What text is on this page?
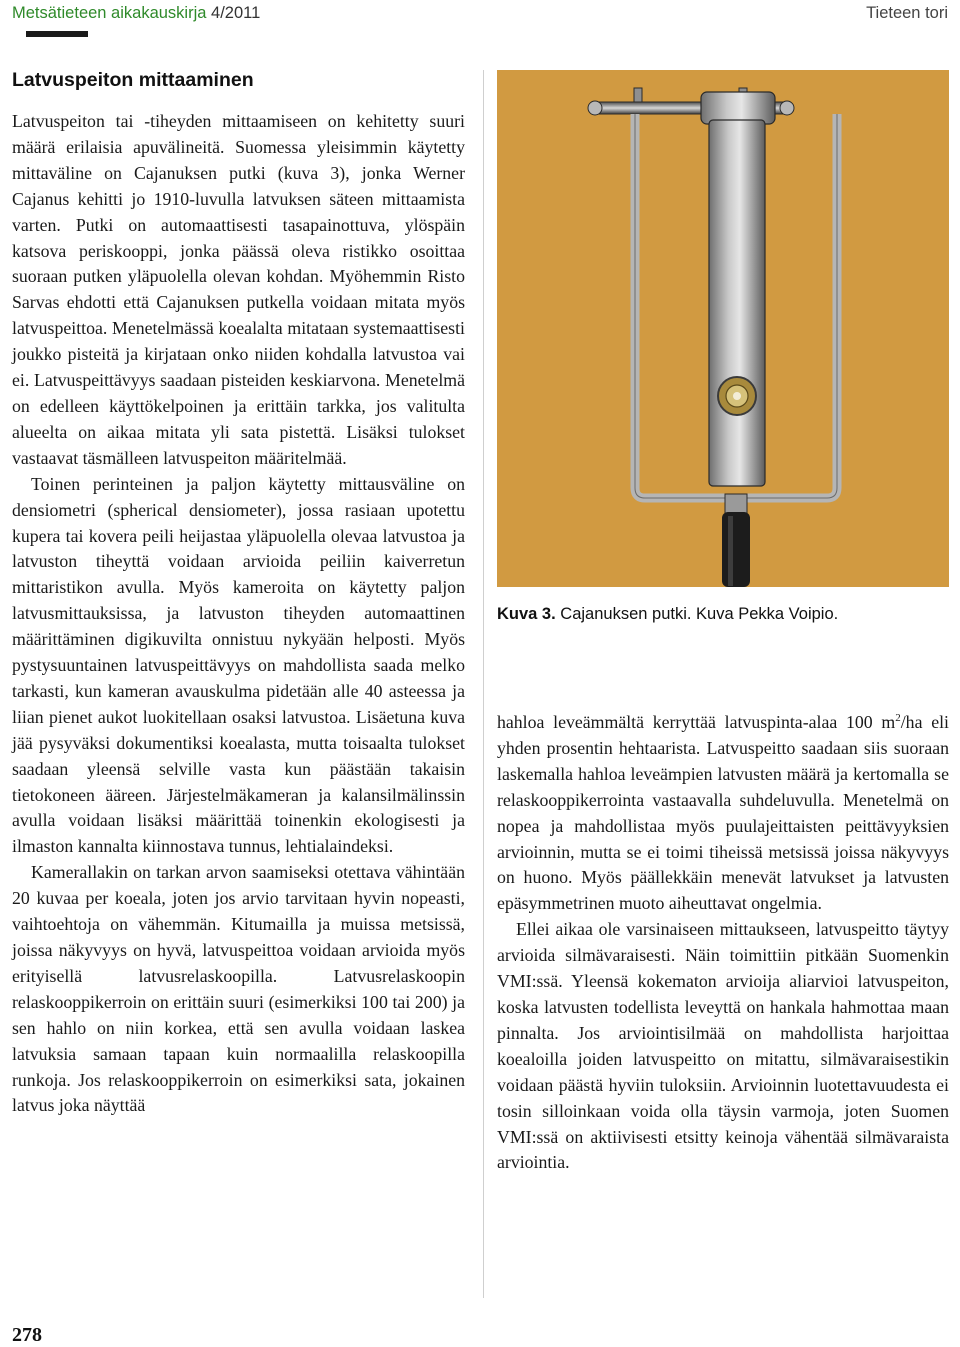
Metsätieteen aikakauskirja 4/2011	Tieteen tori
Latvuspeiton mittaaminen

Latvuspeiton tai -tiheyden mittaamiseen on kehitetty suuri määrä erilaisia apuvälineitä. Suomessa yleisimmin käytetty mittaväline on Cajanuksen putki (kuva 3), jonka Werner Cajanus kehitti jo 1910-luvulla latvuksen säteen mittaamista varten. Putki on automaattisesti tasapainottuva, ylöspäin katsova periskooppi, jonka päässä oleva ristikko osoittaa suoraan putken yläpuolella olevan kohdan. Myöhemmin Risto Sarvas ehdotti että Cajanuksen putkella voidaan mitata myös latvuspeittoa. Menetelmässä koealalta mitataan systemaattisesti joukko pisteitä ja kirjataan onko niiden kohdalla latvustoa vai ei. Latvuspeittävyys saadaan pisteiden keskiarvona. Menetelmä on edelleen käyttökelpoinen ja erittäin tarkka, jos valitulta alueelta on aikaa mitata yli sata pistettä. Lisäksi tulokset vastaavat täsmälleen latvuspeiton määritelmää.

Toinen perinteinen ja paljon käytetty mittausväline on densiometri (spherical densiometer), jossa rasiaan upotettu kupera tai kovera peili heijastaa yläpuolella olevaa latvustoa ja latvuston tiheyttä voidaan arvioida peiliin kaiverretun mittaristikon avulla. Myös kameroita on käytetty paljon latvusmittauksissa, ja latvuston tiheyden automaattinen määrittäminen digikuvilta onnistuu nykyään helposti. Myös pystysuuntainen latvuspeittävyys on mahdollista saada melko tarkasti, kun kameran avauskulma pidetään alle 40 asteessa ja liian pienet aukot luokitellaan osaksi latvustoa. Lisäetuna kuva jää pysyväksi dokumentiksi koealasta, mutta toisaalta tulokset saadaan yleensä selville vasta kun päästään takaisin tietokoneen ääreen. Järjestelmäkameran ja kalansilmälinssin avulla voidaan lisäksi määrittää toinenkin ekologisesti ja ilmaston kannalta kiinnostava tunnus, lehtialaindeksi.

Kamerallakin on tarkan arvon saamiseksi otettava vähintään 20 kuvaa per koeala, joten jos arvio tarvitaan hyvin nopeasti, vaihtoehtoja on vähemmän. Kitumailla ja muissa metsissä, joissa näkyvyys on hyvä, latvuspeittoa voidaan arvioida myös erityisellä latvusrelaskoopilla. Latvusrelaskoopin relaskooppikerroin on erittäin suuri (esimerkiksi 100 tai 200) ja sen hahlo on niin korkea, että sen avulla voidaan laskea latvuksia samaan tapaan kuin normaalilla relaskoopilla runkoja. Jos relaskooppikerroin on esimerkiksi sata, jokainen latvus joka näyttää

Kuva 3. Cajanuksen putki. Kuva Pekka Voipio.

hahloa leveämmältä kerryttää latvuspinta-alaa 100 $m^2/ha$ eli yhden prosentin hehtaarista. Latvuspeitto saadaan siis suoraan laskemalla hahloa leveämpien latvusten määrä ja kertomalla se relaskooppikerrointa vastaavalla suhdeluvulla. Menetelmä on nopea ja mahdollistaa myös puulajeittaisten peittävyyksien arvioinnin, mutta se ei toimi tiheissä metsissä joissa näkyvyys on huono. Myös päällekkäin menevät latvukset ja latvusten epäsymmetrinen muoto aiheuttavat ongelmia.

Ellei aikaa ole varsinaiseen mittaukseen, latvuspeitto täytyy arvioida silmävaraisesti. Näin toimittiin pitkään Suomenkin VMI:ssä. Yleensä kokematon arvioija aliarvioi latvuspeiton, koska latvusten todellista leveyttä on hankala hahmottaa maan pinnalta. Jos arviointisilmää on mahdollista harjoittaa koealoilla joiden latvuspeitto on mitattu, silmävaraisestikin voidaan päästä hyviin tuloksiin. Arvioinnin luotettavuudesta ei tosin silloinkaan voida olla täysin varmoja, joten Suomen VMI:ssä on aktiivisesti etsitty keinoja vähentää silmävaraista arviointia.

278
